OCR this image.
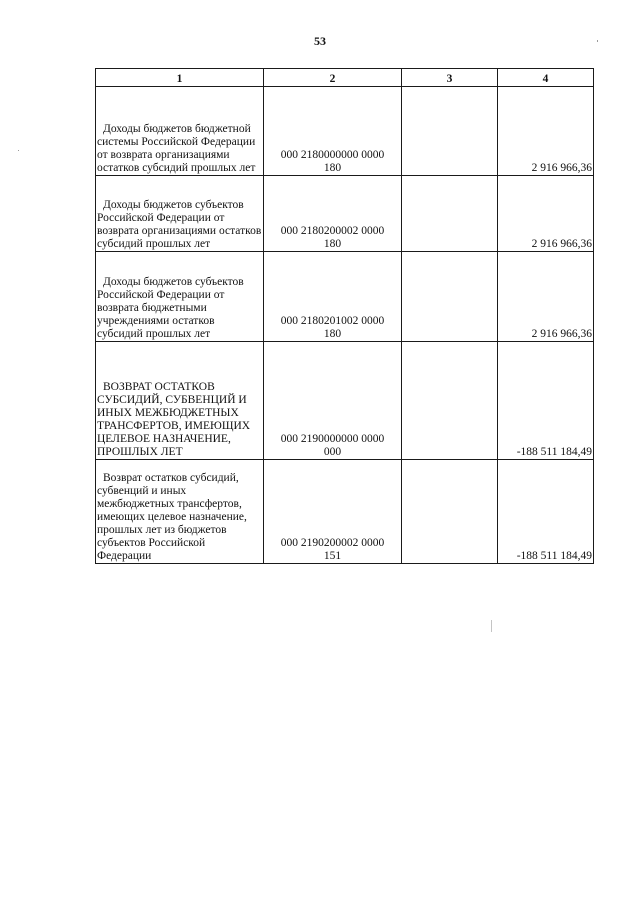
53
1	2	3	4

Доходы бюджетов бюджетной системы Российской Федерации от возврата организациями остатков субсидий прошлых лет	000 2180000000 0000 180		2 916 966,36

Доходы бюджетов субъектов Российской Федерации от возврата организациями остатков субсидий прошлых лет	000 2180200002 0000 180		2 916 966,36

Доходы бюджетов субъектов Российской Федерации от возврата бюджетными учреждениями остатков субсидий прошлых лет	000 2180201002 0000 180		2 916 966,36

ВОЗВРАТ ОСТАТКОВ СУБСИДИЙ, СУБВЕНЦИЙ И ИНЫХ МЕЖБЮДЖЕТНЫХ ТРАНСФЕРТОВ, ИМЕЮЩИХ ЦЕЛЕВОЕ НАЗНАЧЕНИЕ, ПРОШЛЫХ ЛЕТ	000 2190000000 0000 000		-188 511 184,49

Возврат остатков субсидий, субвенций и иных межбюджетных трансфертов, имеющих целевое назначение, прошлых лет из бюджетов субъектов Российской Федерации	000 2190200002 0000 151		-188 511 184,49
